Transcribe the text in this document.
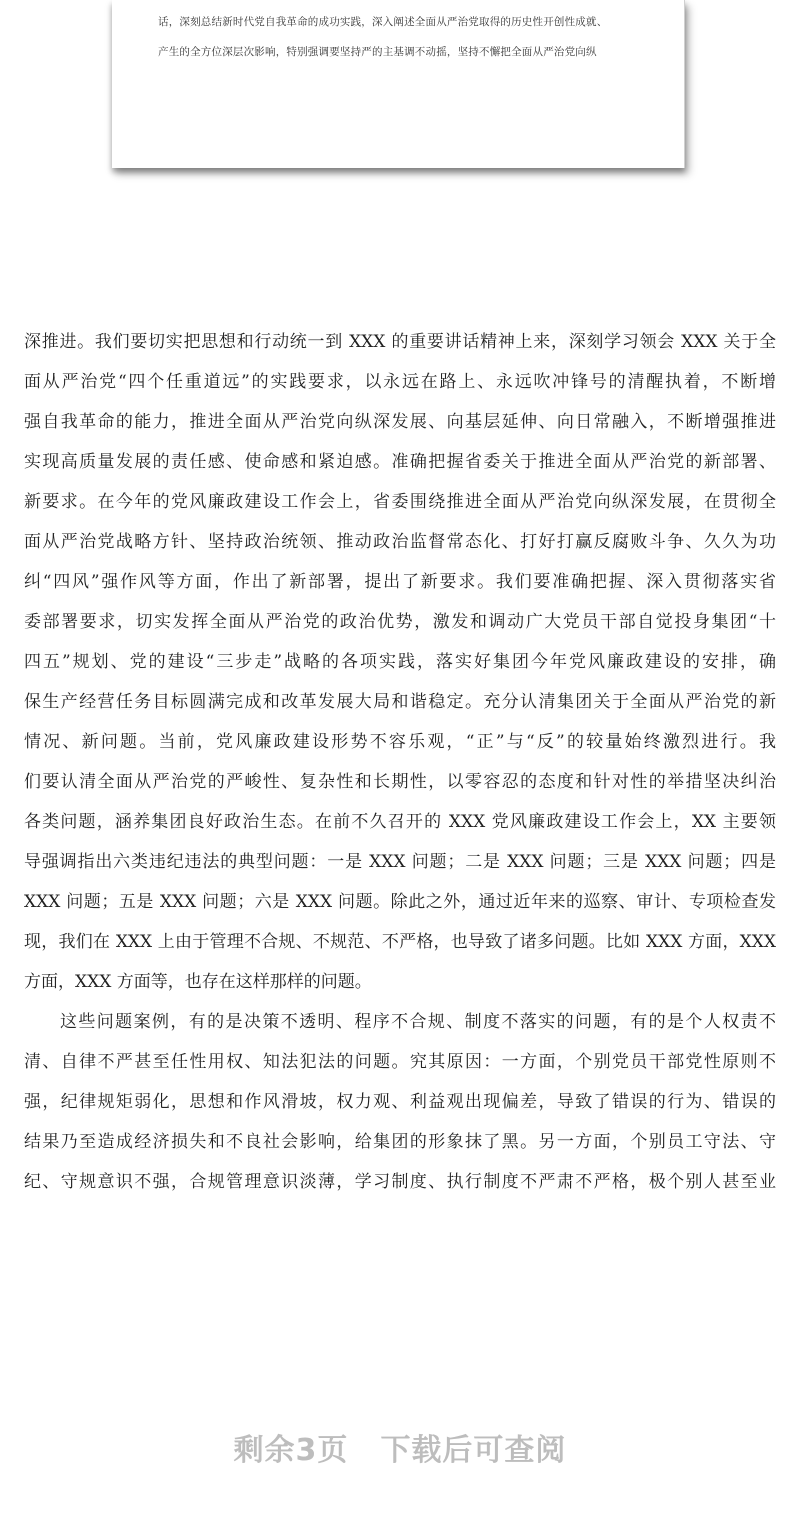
话，深刻总结新时代党自我革命的成功实践，深入阐述全面从严治党取得的历史性开创性成就、
产生的全方位深层次影响，特别强调要坚持严的主基调不动摇，坚持不懈把全面从严治党向纵
深推进。我们要切实把思想和行动统一到 XXX 的重要讲话精神上来，深刻学习领会 XXX 关于全
面从严治党“四个任重道远”的实践要求，以永远在路上、永远吹冲锋号的清醒执着，不断增
强自我革命的能力，推进全面从严治党向纵深发展、向基层延伸、向日常融入，不断增强推进
实现高质量发展的责任感、使命感和紧迫感。准确把握省委关于推进全面从严治党的新部署、
新要求。在今年的党风廉政建设工作会上，省委围绕推进全面从严治党向纵深发展，在贯彻全
面从严治党战略方针、坚持政治统领、推动政治监督常态化、打好打赢反腐败斗争、久久为功
纠“四风”强作风等方面，作出了新部署，提出了新要求。我们要准确把握、深入贯彻落实省
委部署要求，切实发挥全面从严治党的政治优势，激发和调动广大党员干部自觉投身集团“十
四五”规划、党的建设“三步走”战略的各项实践，落实好集团今年党风廉政建设的安排，确
保生产经营任务目标圆满完成和改革发展大局和谐稳定。充分认清集团关于全面从严治党的新
情况、新问题。当前，党风廉政建设形势不容乐观，“正”与“反”的较量始终激烈进行。我
们要认清全面从严治党的严峻性、复杂性和长期性，以零容忍的态度和针对性的举措坚决纠治
各类问题，涵养集团良好政治生态。在前不久召开的 XXX 党风廉政建设工作会上，XX 主要领
导强调指出六类违纪违法的典型问题：一是 XXX 问题；二是 XXX 问题；三是 XXX 问题；四是
XXX 问题；五是 XXX 问题；六是 XXX 问题。除此之外，通过近年来的巡察、审计、专项检查发
现，我们在 XXX 上由于管理不合规、不规范、不严格，也导致了诸多问题。比如 XXX 方面，XXX
方面，XXX 方面等，也存在这样那样的问题。
这些问题案例，有的是决策不透明、程序不合规、制度不落实的问题，有的是个人权责不
清、自律不严甚至任性用权、知法犯法的问题。究其原因：一方面，个别党员干部党性原则不
强，纪律规矩弱化，思想和作风滑坡，权力观、利益观出现偏差，导致了错误的行为、错误的
结果乃至造成经济损失和不良社会影响，给集团的形象抹了黑。另一方面，个别员工守法、守
纪、守规意识不强，合规管理意识淡薄，学习制度、执行制度不严肃不严格，极个别人甚至业
剩余3页 下载后可查阅
